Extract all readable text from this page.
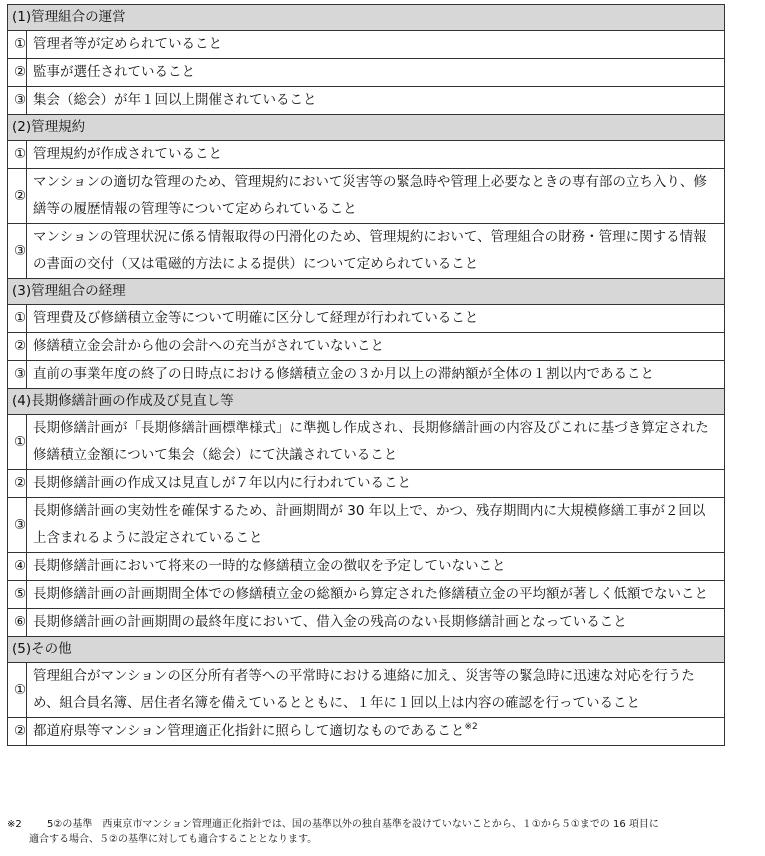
(1)管理組合の運営	
①	管理者等が定められていること
②	監事が選任されていること
③	集会（総会）が年１回以上開催されていること
(2)管理規約	
①	管理規約が作成されていること
②	マンションの適切な管理のため、管理規約において災害等の緊急時や管理上必要なときの専有部の立ち入り、修繕等の履歴情報の管理等について定められていること
③	マンションの管理状況に係る情報取得の円滑化のため、管理規約において、管理組合の財務・管理に関する情報の書面の交付（又は電磁的方法による提供）について定められていること
(3)管理組合の経理	
①	管理費及び修繕積立金等について明確に区分して経理が行われていること
②	修繕積立金会計から他の会計への充当がされていないこと
③	直前の事業年度の終了の日時点における修繕積立金の３か月以上の滞納額が全体の１割以内であること
(4)長期修繕計画の作成及び見直し等	
①	長期修繕計画が「長期修繕計画標準様式」に準拠し作成され、長期修繕計画の内容及びこれに基づき算定された修繕積立金額について集会（総会）にて決議されていること
②	長期修繕計画の作成又は見直しが７年以内に行われていること
③	長期修繕計画の実効性を確保するため、計画期間が 30 年以上で、かつ、残存期間内に大規模修繕工事が２回以上含まれるように設定されていること
④	長期修繕計画において将来の一時的な修繕積立金の徴収を予定していないこと
⑤	長期修繕計画の計画期間全体での修繕積立金の総額から算定された修繕積立金の平均額が著しく低額でないこと
⑥	長期修繕計画の計画期間の最終年度において、借入金の残高のない長期修繕計画となっていること
(5)その他	
①	管理組合がマンションの区分所有者等への平常時における連絡に加え、災害等の緊急時に迅速な対応を行うため、組合員名簿、居住者名簿を備えているとともに、１年に１回以上は内容の確認を行っていること
②	都道府県等マンション管理適正化指針に照らして適切なものであること$^{※2}$
※2	5②の基準　西東京市マンション管理適正化指針では、国の基準以外の独自基準を設けていないことから、１①から５①までの 16 項目に
適合する場合、５②の基準に対しても適合することとなります。
